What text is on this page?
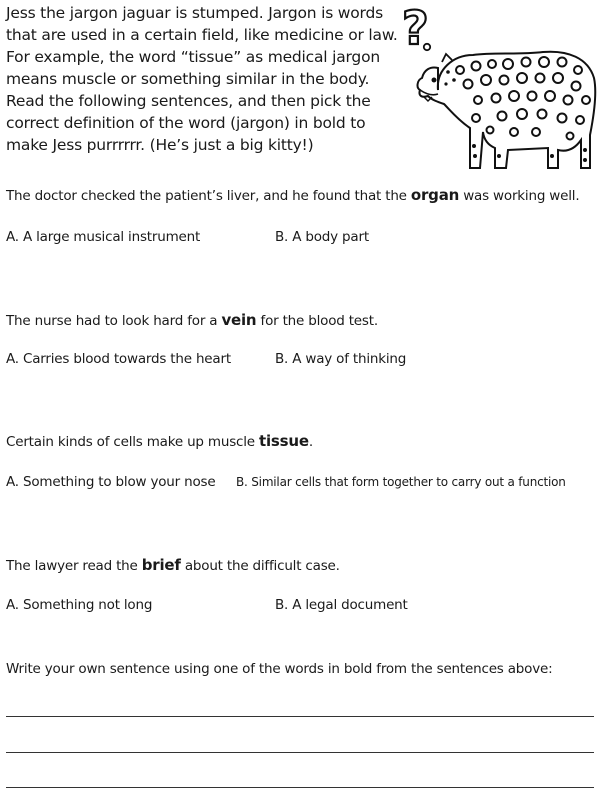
Jess the jargon jaguar is stumped. Jargon is words

that are used in a certain field, like medicine or law.

For example, the word “tissue” as medical jargon

means muscle or something similar in the body.

Read the following sentences, and then pick the

correct definition of the word (jargon) in bold to

make Jess purrrrrr. (He’s just a big kitty!)

?
The doctor checked the patient’s liver, and he found that the organ was working well.
A. A large musical instrument	B. A body part
The nurse had to look hard for a vein for the blood test.
A. Carries blood towards the heart	B. A way of thinking
Certain kinds of cells make up muscle tissue.
A. Something to blow your nose B. Similar cells that form together to carry out a function
The lawyer read the brief about the difficult case.
A. Something not long	B. A legal document
Write your own sentence using one of the words in bold from the sentences above:
